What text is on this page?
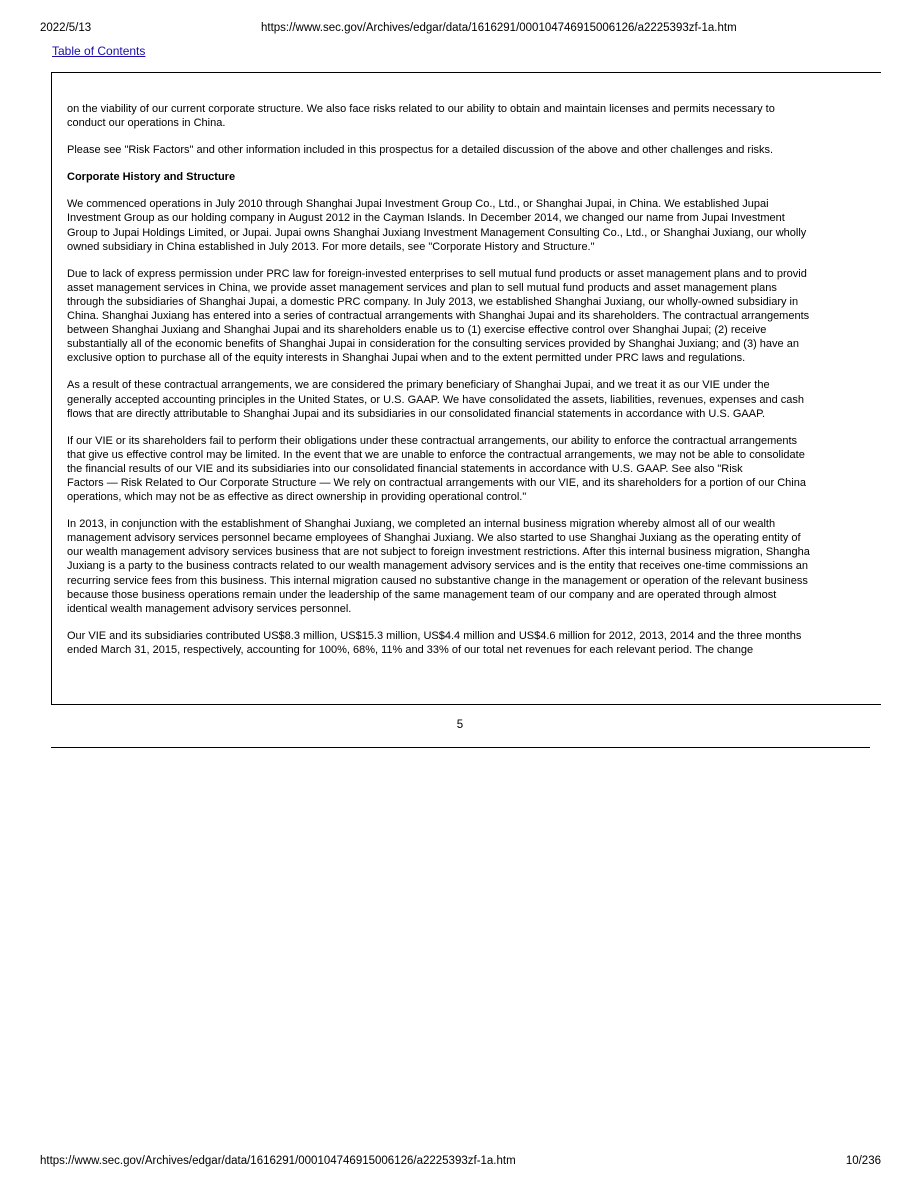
2022/5/13	https://www.sec.gov/Archives/edgar/data/1616291/000104746915006126/a2225393zf-1a.htm
Table of Contents

on the viability of our current corporate structure. We also face risks related to our ability to obtain and maintain licenses and permits necessary to
conduct our operations in China.

Please see "Risk Factors" and other information included in this prospectus for a detailed discussion of the above and other challenges and risks.

Corporate History and Structure

We commenced operations in July 2010 through Shanghai Jupai Investment Group Co., Ltd., or Shanghai Jupai, in China. We established Jupai
Investment Group as our holding company in August 2012 in the Cayman Islands. In December 2014, we changed our name from Jupai Investment
Group to Jupai Holdings Limited, or Jupai. Jupai owns Shanghai Juxiang Investment Management Consulting Co., Ltd., or Shanghai Juxiang, our wholly
owned subsidiary in China established in July 2013. For more details, see "Corporate History and Structure."

Due to lack of express permission under PRC law for foreign-invested enterprises to sell mutual fund products or asset management plans and to provid
asset management services in China, we provide asset management services and plan to sell mutual fund products and asset management plans
through the subsidiaries of Shanghai Jupai, a domestic PRC company. In July 2013, we established Shanghai Juxiang, our wholly-owned subsidiary in
China. Shanghai Juxiang has entered into a series of contractual arrangements with Shanghai Jupai and its shareholders. The contractual arrangements
between Shanghai Juxiang and Shanghai Jupai and its shareholders enable us to (1) exercise effective control over Shanghai Jupai; (2) receive
substantially all of the economic benefits of Shanghai Jupai in consideration for the consulting services provided by Shanghai Juxiang; and (3) have an
exclusive option to purchase all of the equity interests in Shanghai Jupai when and to the extent permitted under PRC laws and regulations.

As a result of these contractual arrangements, we are considered the primary beneficiary of Shanghai Jupai, and we treat it as our VIE under the
generally accepted accounting principles in the United States, or U.S. GAAP. We have consolidated the assets, liabilities, revenues, expenses and cash
flows that are directly attributable to Shanghai Jupai and its subsidiaries in our consolidated financial statements in accordance with U.S. GAAP.

If our VIE or its shareholders fail to perform their obligations under these contractual arrangements, our ability to enforce the contractual arrangements
that give us effective control may be limited. In the event that we are unable to enforce the contractual arrangements, we may not be able to consolidate
the financial results of our VIE and its subsidiaries into our consolidated financial statements in accordance with U.S. GAAP. See also "Risk
Factors — Risk Related to Our Corporate Structure — We rely on contractual arrangements with our VIE, and its shareholders for a portion of our China
operations, which may not be as effective as direct ownership in providing operational control."

In 2013, in conjunction with the establishment of Shanghai Juxiang, we completed an internal business migration whereby almost all of our wealth
management advisory services personnel became employees of Shanghai Juxiang. We also started to use Shanghai Juxiang as the operating entity of
our wealth management advisory services business that are not subject to foreign investment restrictions. After this internal business migration, Shangha
Juxiang is a party to the business contracts related to our wealth management advisory services and is the entity that receives one-time commissions an
recurring service fees from this business. This internal migration caused no substantive change in the management or operation of the relevant business
because those business operations remain under the leadership of the same management team of our company and are operated through almost
identical wealth management advisory services personnel.

Our VIE and its subsidiaries contributed US$8.3 million, US$15.3 million, US$4.4 million and US$4.6 million for 2012, 2013, 2014 and the three months
ended March 31, 2015, respectively, accounting for 100%, 68%, 11% and 33% of our total net revenues for each relevant period. The change

5
https://www.sec.gov/Archives/edgar/data/1616291/000104746915006126/a2225393zf-1a.htm	10/236
